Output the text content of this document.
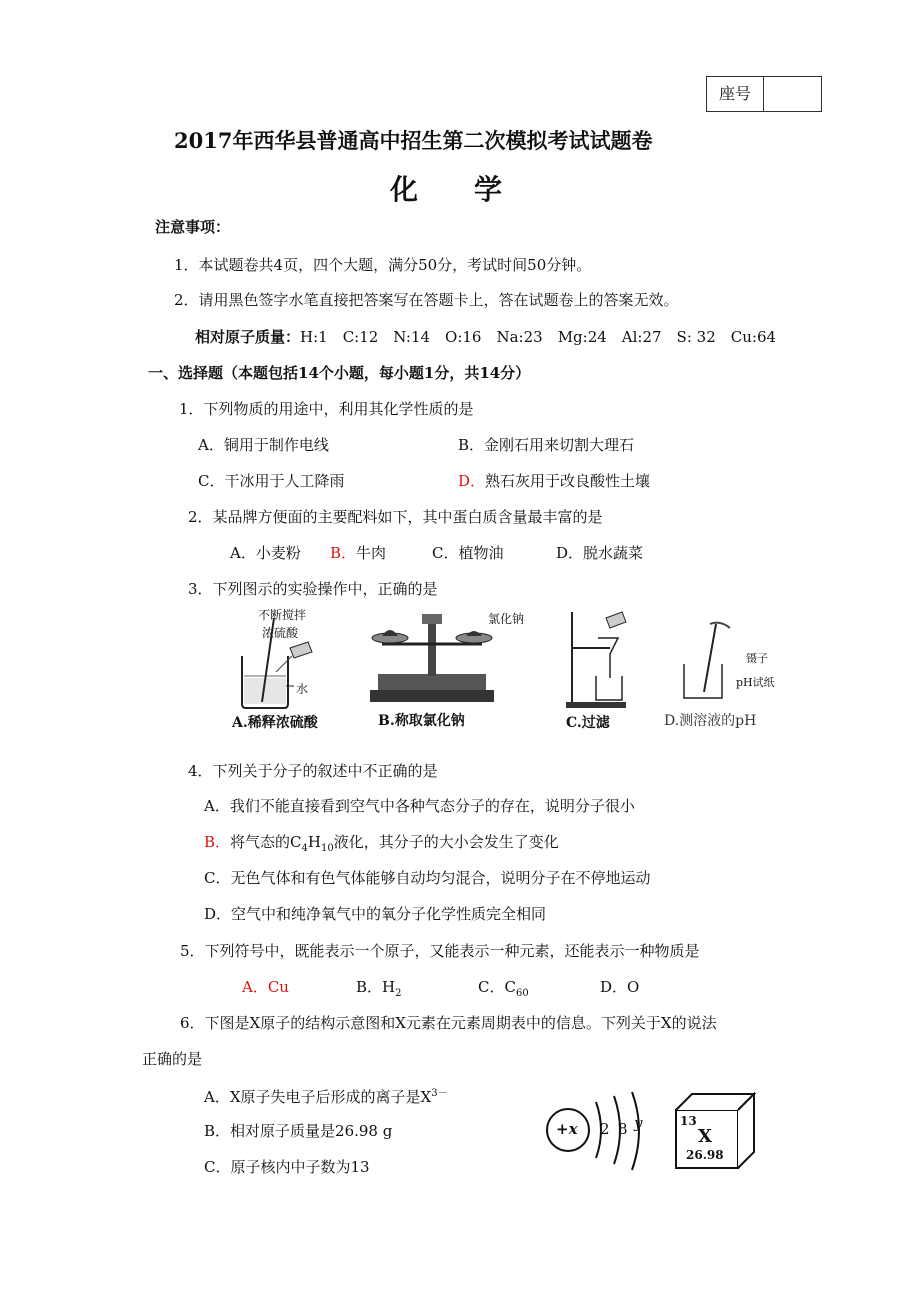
座号
2017年西华县普通高中招生第二次模拟考试试题卷
化　　学
注意事项：
1．本试题卷共4页，四个大题，满分50分，考试时间50分钟。
2．请用黑色签字水笔直接把答案写在答题卡上，答在试题卷上的答案无效。
相对原子质量：H:1　C:12　N:14　O:16　Na:23　Mg:24　Al:27　S: 32　Cu:64
一、选择题（本题包括14个小题，每小题1分，共14分）
1．下列物质的用途中，利用其化学性质的是
A．铜用于制作电线	B．金刚石用来切割大理石
C．干冰用于人工降雨	D．熟石灰用于改良酸性土壤
2．某品牌方便面的主要配料如下，其中蛋白质含量最丰富的是
A．小麦粉 B．牛肉	C．植物油	D．脱水蔬菜
3．下列图示的实验操作中，正确的是
不断搅拌
浓硫酸
水
A.稀释浓硫酸
氯化钠
B.称取氯化钠	C.过滤
镊子
pH试纸
D.测溶液的pH
4．下列关于分子的叙述中不正确的是
A．我们不能直接看到空气中各种气态分子的存在，说明分子很小
B．将气态的$C_4H_{10}$液化，其分子的大小会发生了变化
C．无色气体和有色气体能够自动均匀混合，说明分子在不停地运动
D．空气中和纯净氧气中的氧分子化学性质完全相同
5．下列符号中，既能表示一个原子，又能表示一种元素，还能表示一种物质是
A．Cu	B．$H_2$	C．$C_{60}$	D．O
6．下图是X原子的结构示意图和X元素在元素周期表中的信息。下列关于X的说法
正确的是
A．X原子失电子后形成的离子是$X^{3-}$
B．相对原子质量是26.98 g
C．原子核内中子数为13
+x 2 8 y	13
X
26.98
